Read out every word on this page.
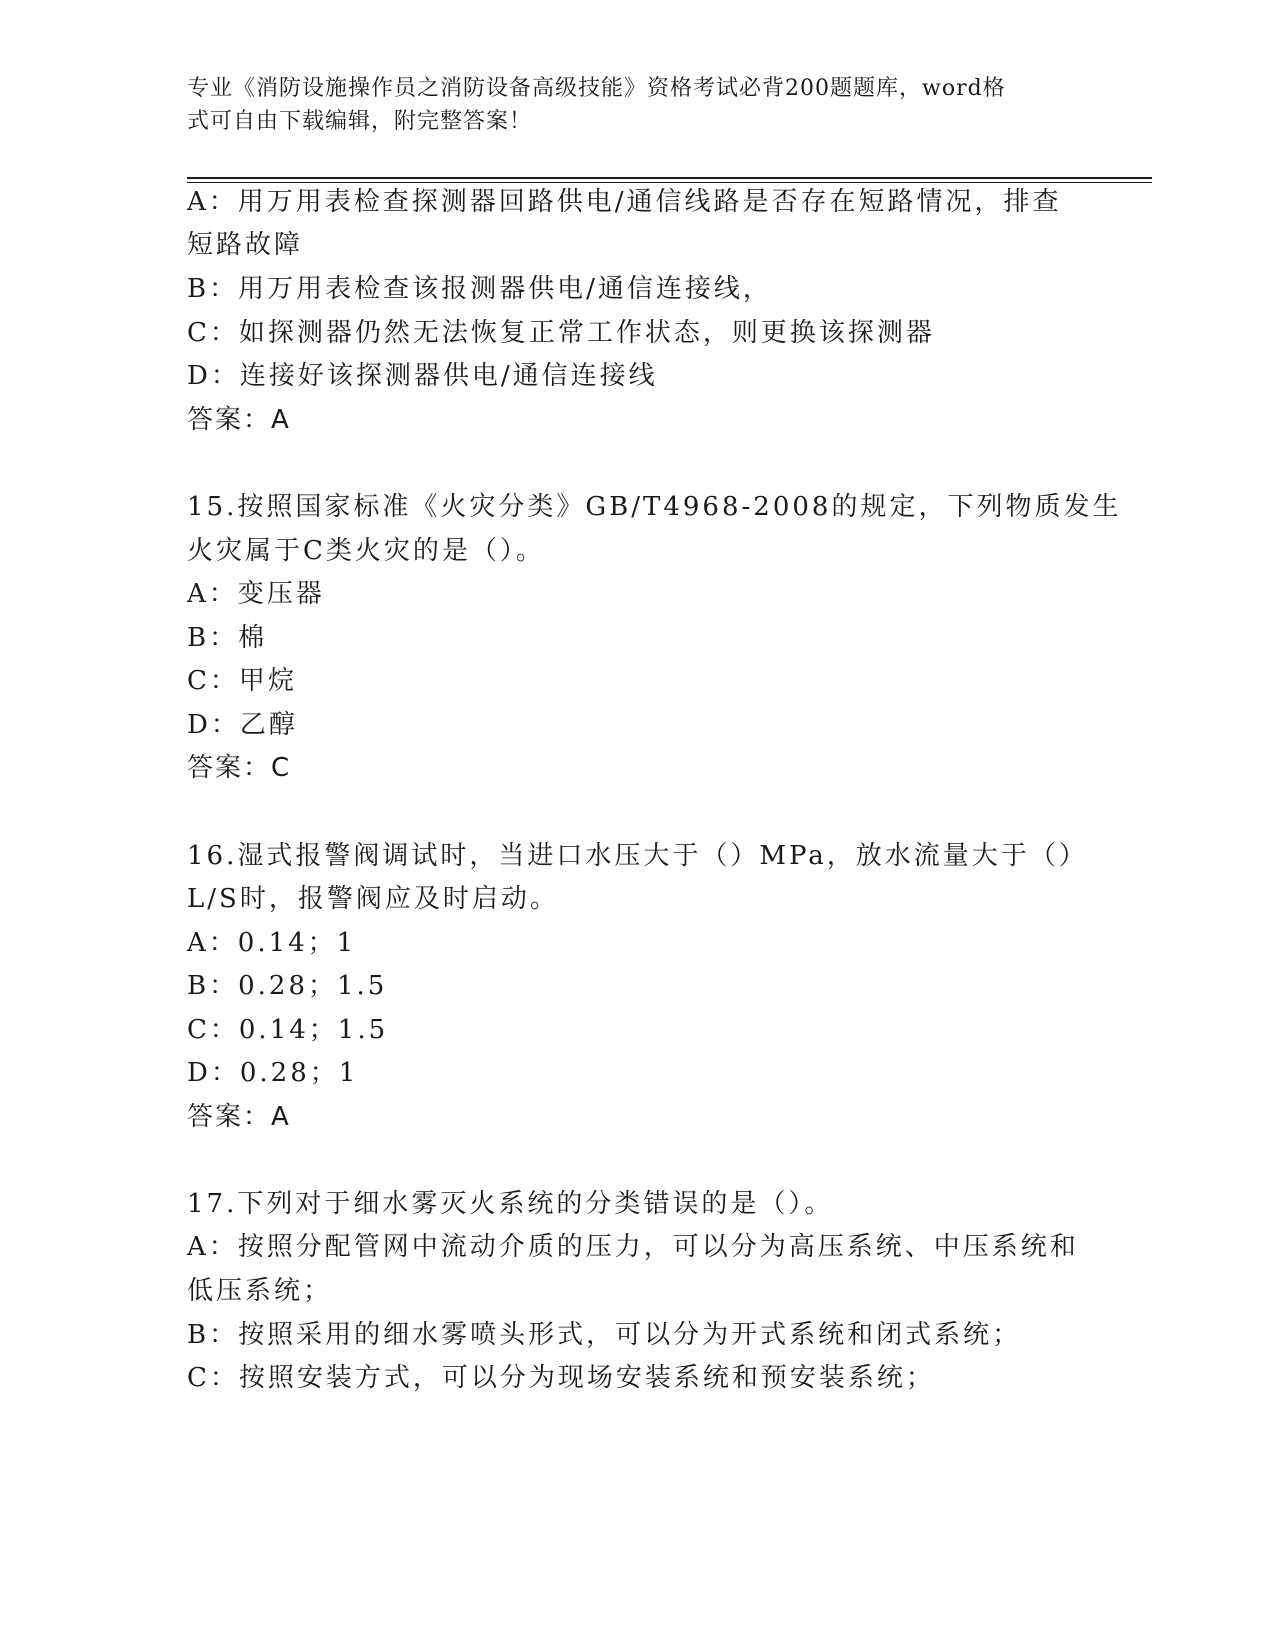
专业《消防设施操作员之消防设备高级技能》资格考试必背200题题库，word格
式可自由下载编辑，附完整答案！
A：用万用表检查探测器回路供电/通信线路是否存在短路情况，排查
短路故障
B：用万用表检查该报测器供电/通信连接线，
C：如探测器仍然无法恢复正常工作状态，则更换该探测器
D：连接好该探测器供电/通信连接线
答案：A
15.按照国家标准《火灾分类》GB/T4968-2008的规定，下列物质发生
火灾属于C类火灾的是（）。
A：变压器
B：棉
C：甲烷
D：乙醇
答案：C
16.湿式报警阀调试时，当进口水压大于（）MPa，放水流量大于（）
L/S时，报警阀应及时启动。
A：0.14；1
B：0.28；1.5
C：0.14；1.5
D：0.28；1
答案：A
17.下列对于细水雾灭火系统的分类错误的是（）。
A：按照分配管网中流动介质的压力，可以分为高压系统、中压系统和
低压系统；
B：按照采用的细水雾喷头形式，可以分为开式系统和闭式系统；
C：按照安装方式，可以分为现场安装系统和预安装系统；
